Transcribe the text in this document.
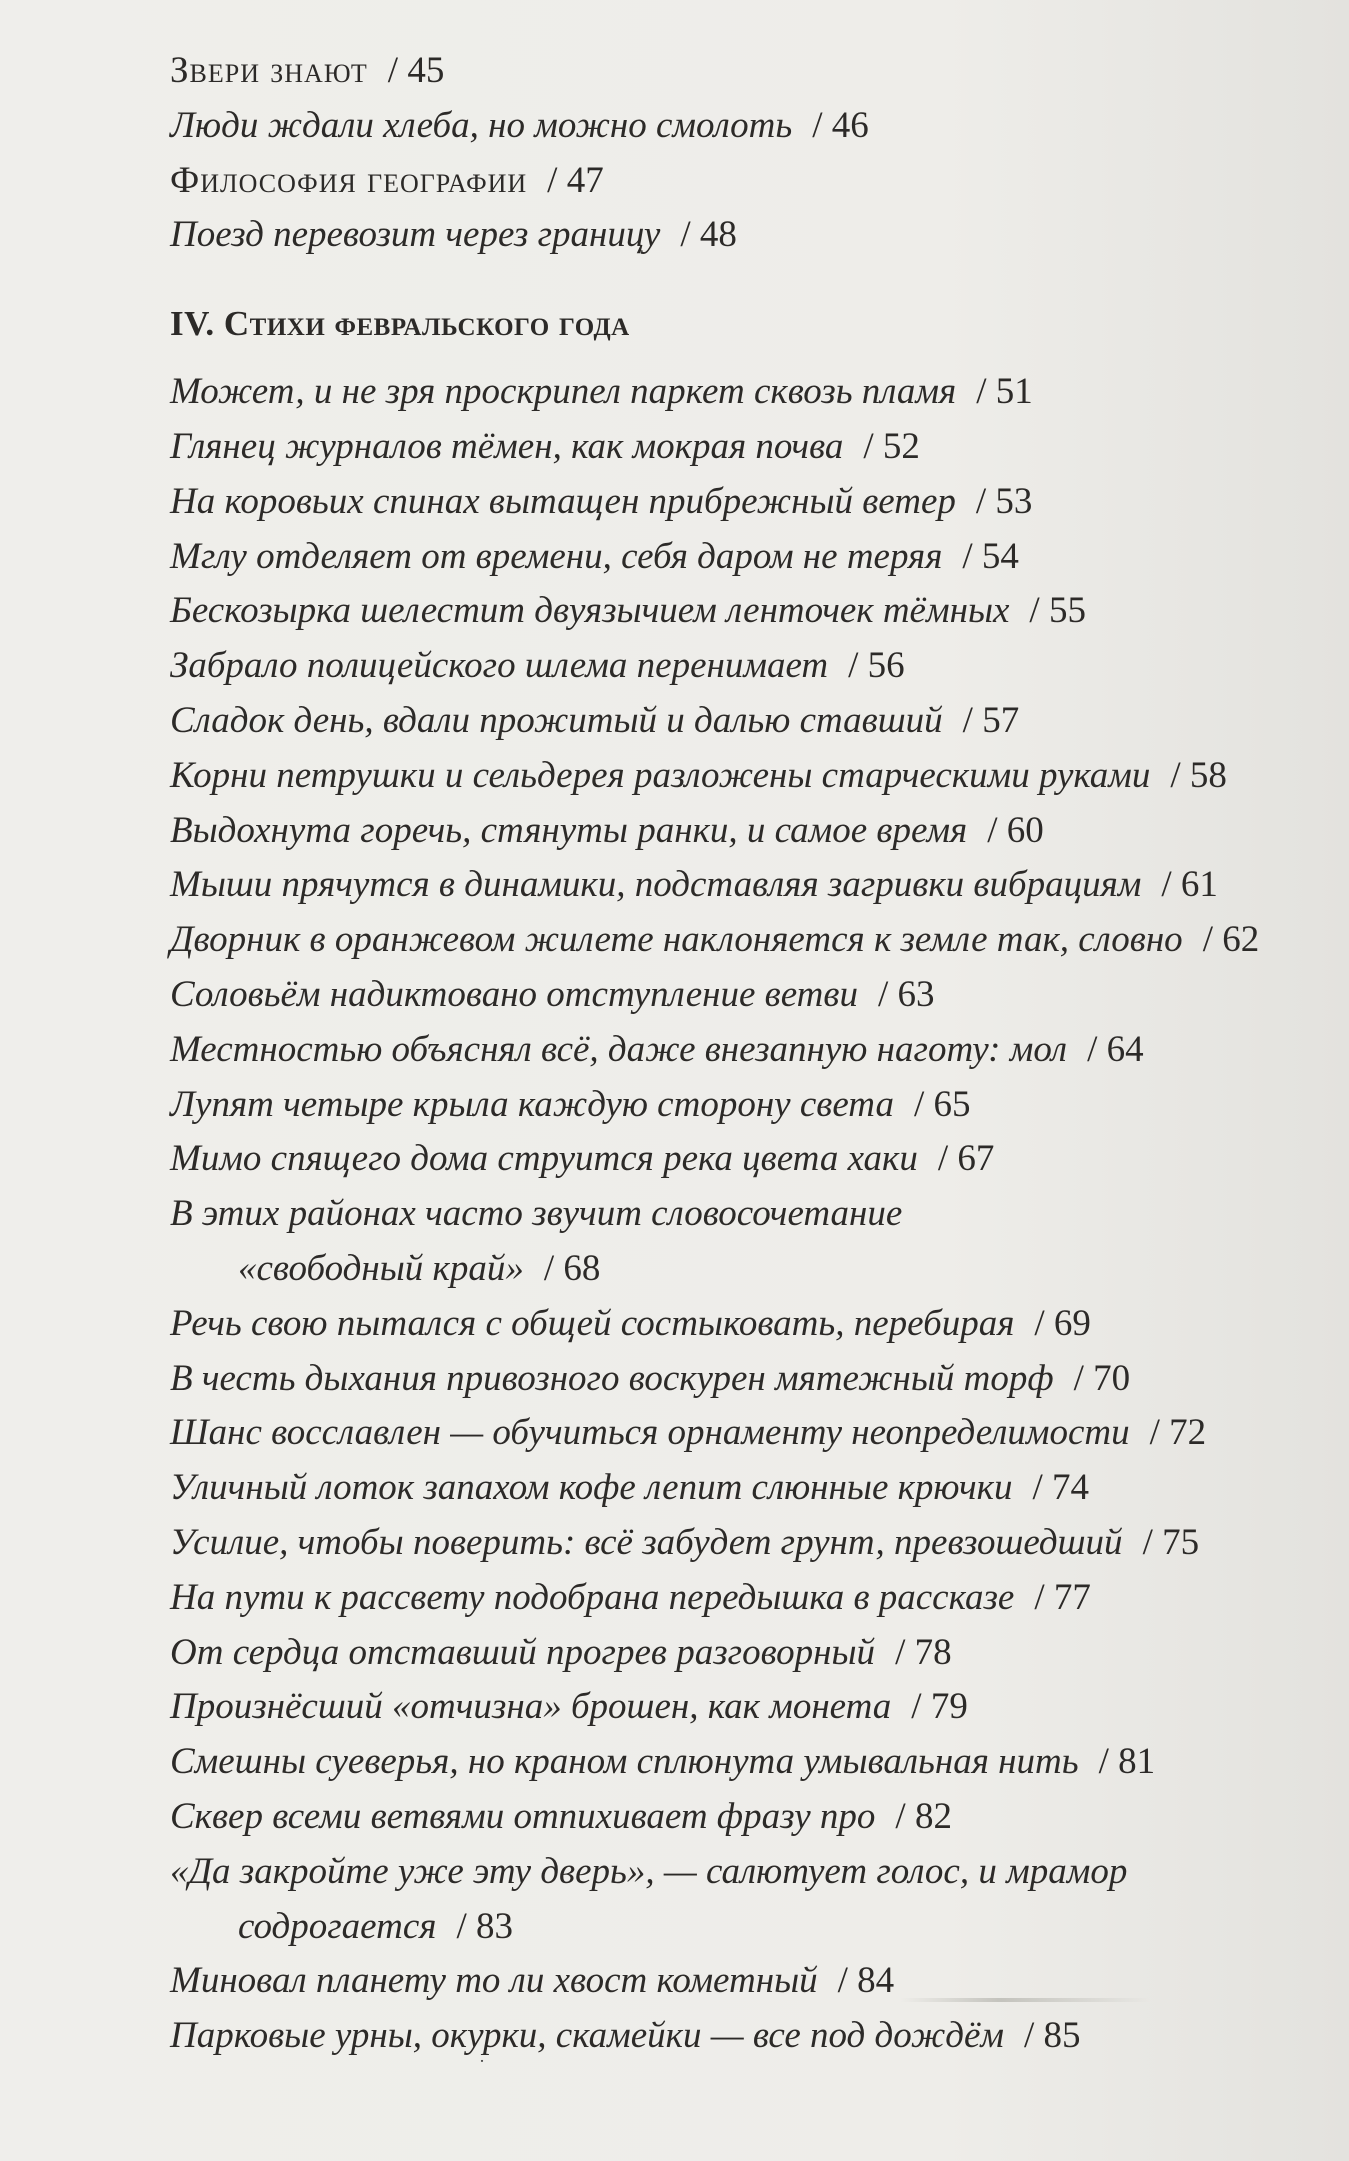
Звери знают / 45
Люди ждали хлеба, но можно смолоть / 46
Философия географии / 47
Поезд перевозит через границу / 48
IV. Стихи февральского года
Может, и не зря проскрипел паркет сквозь пламя / 51
Глянец журналов тёмен, как мокрая почва / 52
На коровьих спинах вытащен прибрежный ветер / 53
Мглу отделяет от времени, себя даром не теряя / 54
Бескозырка шелестит двуязычием ленточек тёмных / 55
Забрало полицейского шлема перенимает / 56
Сладок день, вдали прожитый и далью ставший / 57
Корни петрушки и сельдерея разложены старческими руками / 58
Выдохнута горечь, стянуты ранки, и самое время / 60
Мыши прячутся в динамики, подставляя загривки вибрациям / 61
Дворник в оранжевом жилете наклоняется к земле так, словно / 62
Соловьём надиктовано отступление ветви / 63
Местностью объяснял всё, даже внезапную наготу: мол / 64
Лупят четыре крыла каждую сторону света / 65
Мимо спящего дома струится река цвета хаки / 67
В этих районах часто звучит словосочетание
«свободный край» / 68
Речь свою пытался с общей состыковать, перебирая / 69
В честь дыхания привозного воскурен мятежный торф / 70
Шанс восславлен — обучиться орнаменту неопределимости / 72
Уличный лоток запахом кофе лепит слюнные крючки / 74
Усилие, чтобы поверить: всё забудет грунт, превзошедший / 75
На пути к рассвету подобрана передышка в рассказе / 77
От сердца отставший прогрев разговорный / 78
Произнёсший «отчизна» брошен, как монета / 79
Смешны суеверья, но краном сплюнута умывальная нить / 81
Сквер всеми ветвями отпихивает фразу про / 82
«Да закройте уже эту дверь», — салютует голос, и мрамор
содрогается / 83
Миновал планету то ли хвост кометный / 84
Парковые урны, окурки, скамейки — все под дождём / 85
